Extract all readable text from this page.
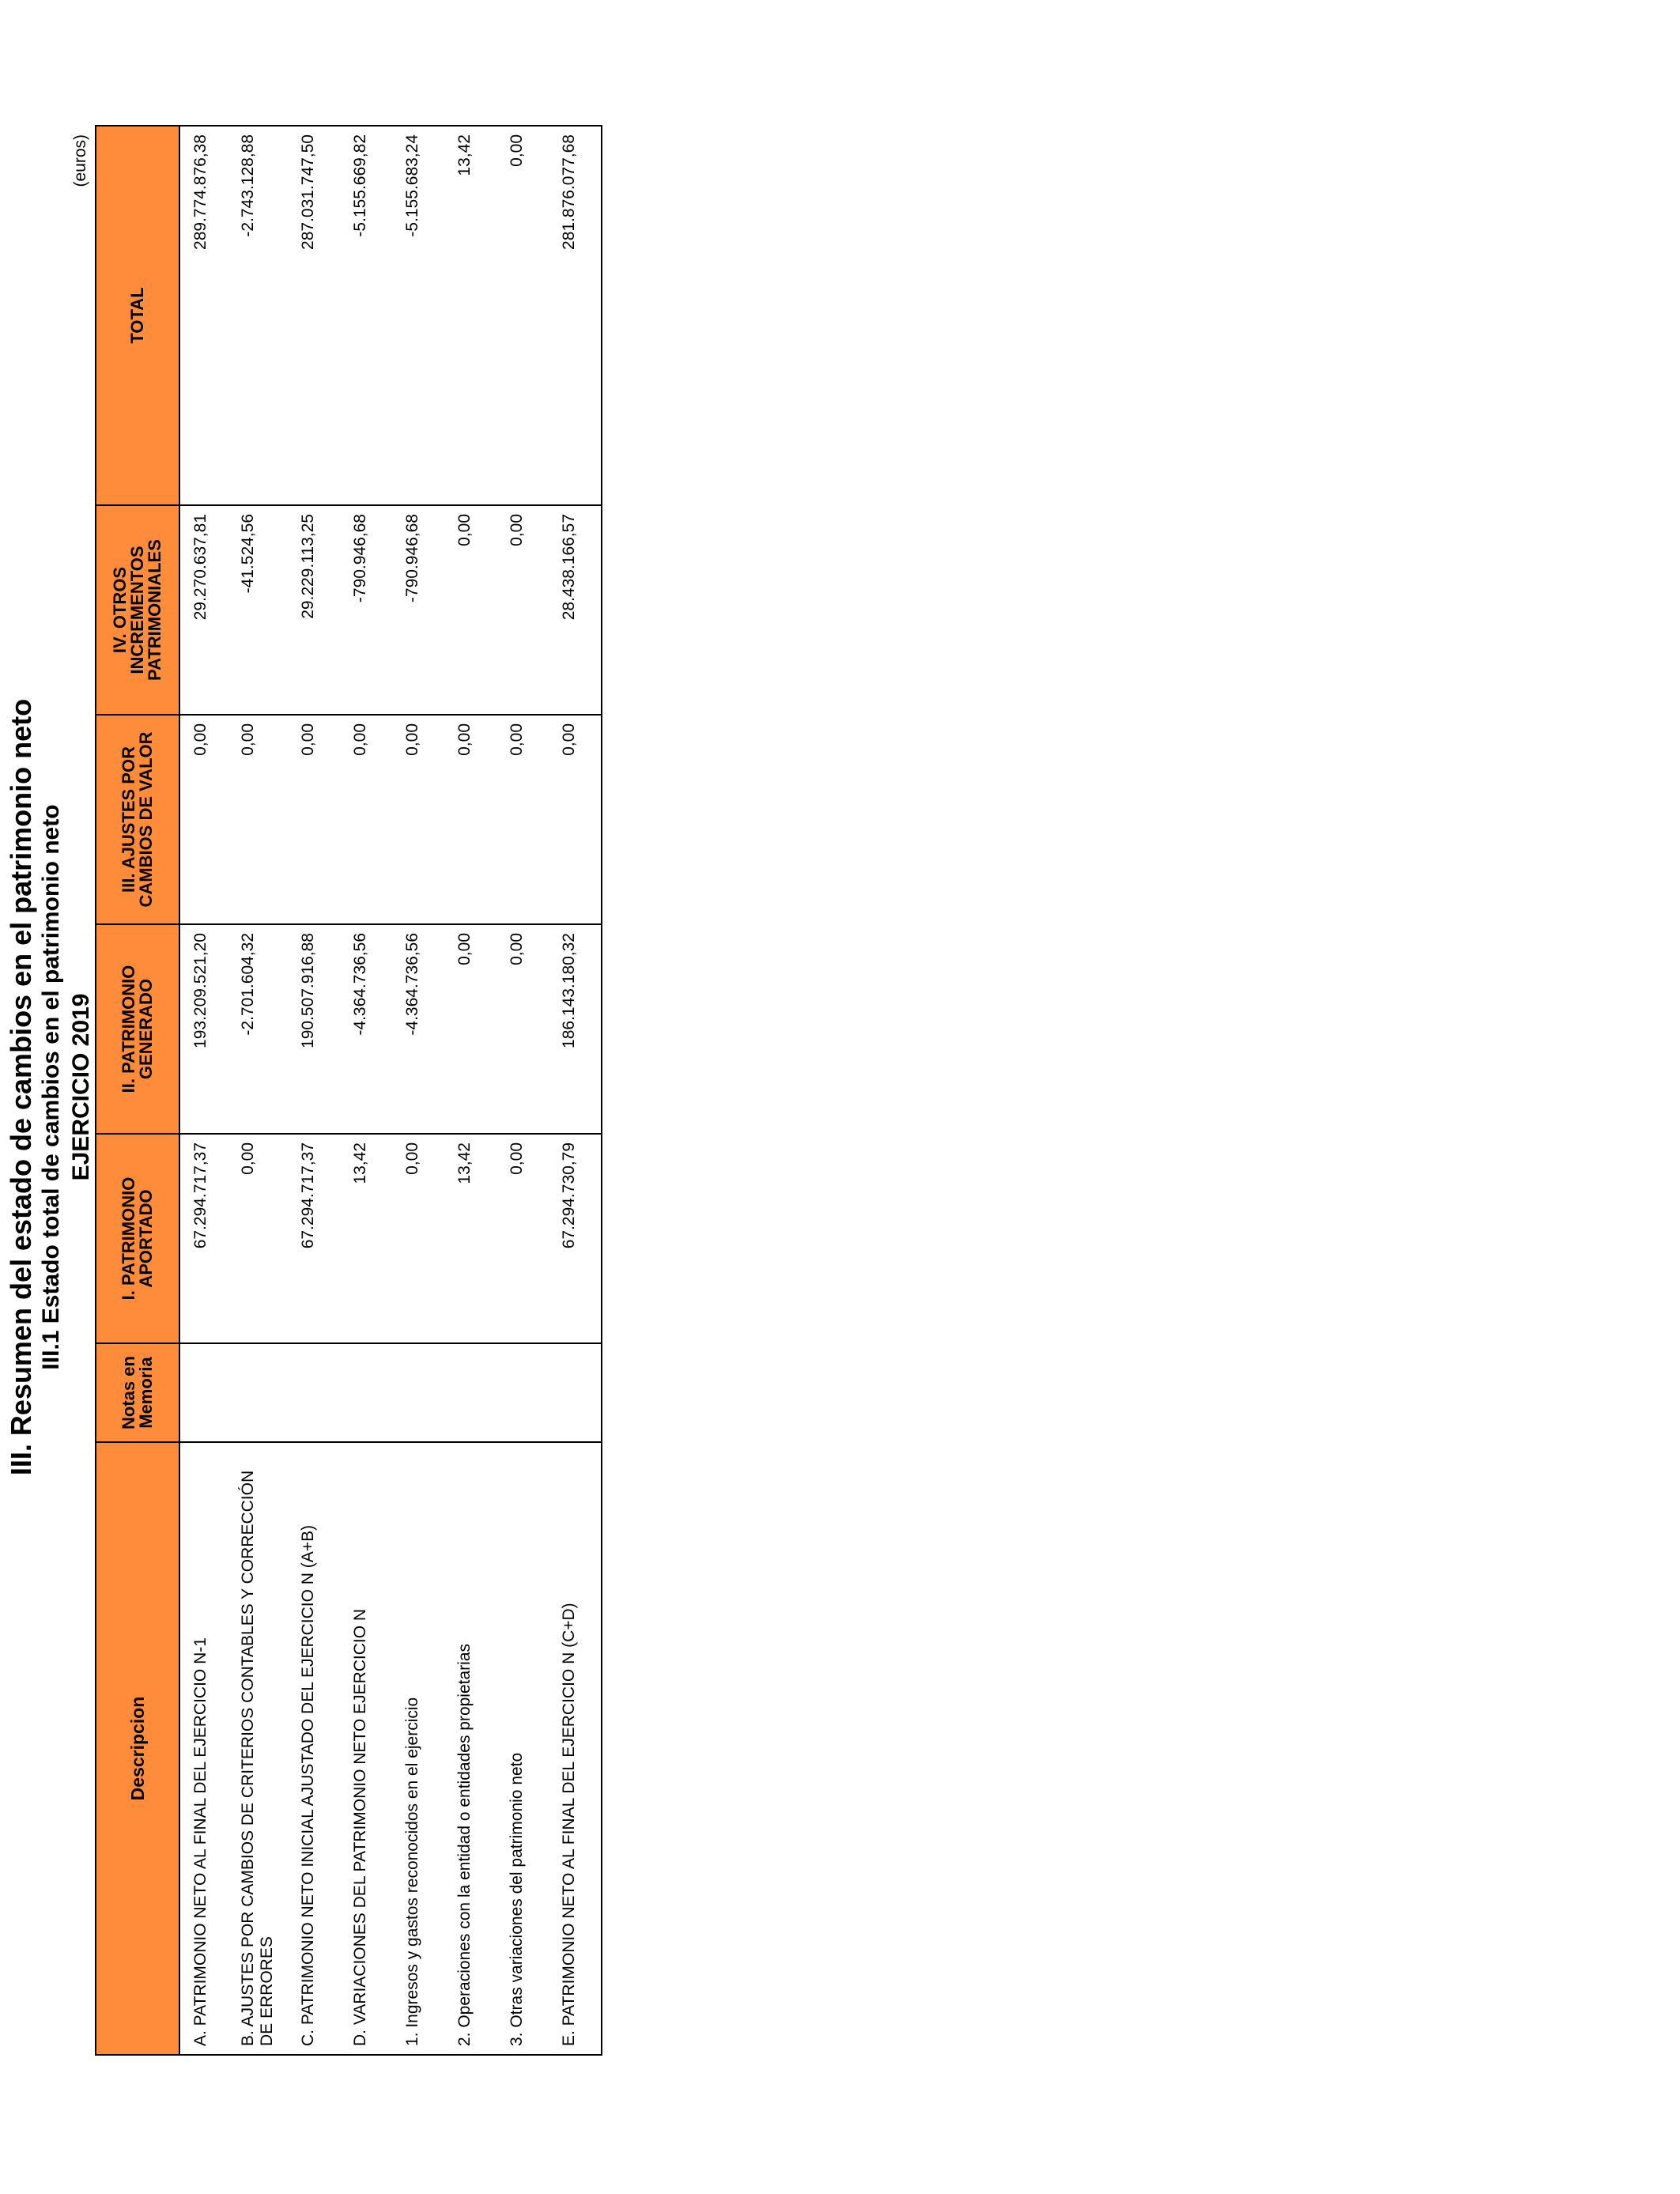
III. Resumen del estado de cambios en el patrimonio neto III.1 Estado total de cambios en el patrimonio neto EJERCICIO 2019
(euros)
Descripcion	Notas en Memoria	I. PATRIMONIO APORTADO	II. PATRIMONIO GENERADO	III. AJUSTES POR CAMBIOS DE VALOR	IV. OTROS INCREMENTOS PATRIMONIALES	TOTAL
A. PATRIMONIO NETO AL FINAL DEL EJERCICIO N-1		67.294.717,37	193.209.521,20	0,00	29.270.637,81	289.774.876,38
B. AJUSTES POR CAMBIOS DE CRITERIOS CONTABLES Y CORRECCIÓN DE ERRORES		0,00	-2.701.604,32	0,00	-41.524,56	-2.743.128,88
C. PATRIMONIO NETO INICIAL AJUSTADO DEL EJERCICIO N (A+B)		67.294.717,37	190.507.916,88	0,00	29.229.113,25	287.031.747,50
D. VARIACIONES DEL PATRIMONIO NETO EJERCICIO N		13,42	-4.364.736,56	0,00	-790.946,68	-5.155.669,82
1. Ingresos y gastos reconocidos en el ejercicio		0,00	-4.364.736,56	0,00	-790.946,68	-5.155.683,24
2. Operaciones con la entidad o entidades propietarias		13,42	0,00	0,00	0,00	13,42
3. Otras variaciones del patrimonio neto		0,00	0,00	0,00	0,00	0,00
E. PATRIMONIO NETO AL FINAL DEL EJERCICIO N (C+D)		67.294.730,79	186.143.180,32	0,00	28.438.166,57	281.876.077,68
